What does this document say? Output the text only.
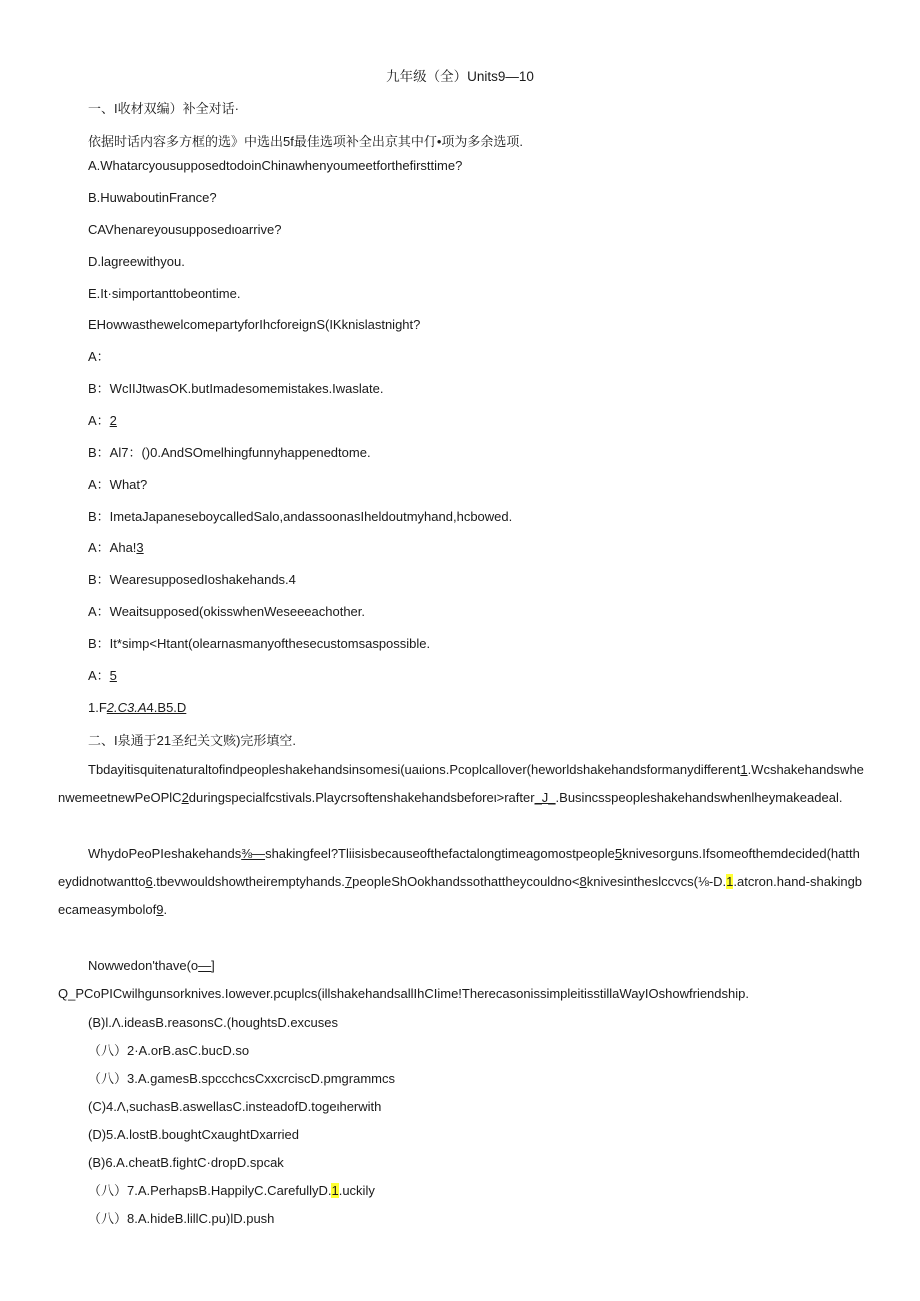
九年级（全）Units9—10
一、I收材双编）补全对话·
依据时话内容多方框的选》中选出5f最佳选项补全出京其中仃•项为多余选项.
A.WhatarcyousupposedtodoinChinawhenyoumeetforthefirsttime?
B.HuwaboutinFrance?
CAVhenareyousupposedιoarrive?
D.lagreewithyou.
E.It·simportanttobeontime.
EHowwasthewelcomepartyforIhcforeignS(IKknislastnight?
A：
B：WcIIJtwasOK.butImadesomemistakes.Iwaslate.
A：2
B：Al7：()0.AndSOmelhingfunnyhappenedtome.
A：What?
B：ImetaJapaneseboycalledSalo,andassoonasIheldoutmyhand,hcbowed.
A：Aha!3
B：WearesupposedIoshakehands.4
A：Weaitsupposed(okisswhenWeseeeachother.
B：It*simp<Htant(olearnasmanyofthesecustomsaspossible.
A：5
1.F2.C3.A4.B5.D
二、I泉通于21圣纪关文赅)完形填空.
Tbdayitisquitenaturaltofindpeopleshakehandsinsomesi(uaιions.Pcoplcallover(heworldshakehandsformanydifferent1.WcshakehandswhenwemeetnewPeOPlC2duringspecialfcstivals.Playcrsoftenshakehandsbeforeι>rafter_J_.Busincsspeopleshakehandswhenlheymakeadeal.
WhydoPeoPIeshakehands⅜—shakingfeel?Tliisisbecauseofthefactalongtimeagomostpeople5knivesorguns.Ifsomeofthemdecided(hattheydidnotwantto6.tbevwouldshowtheiremptyhands.7peopleShOokhandssothattheycouldno<8knivesintheslccvcs(⅛-D.1.atcron.hand-shakingbecameasymbolof9.
Nowwedon'thave(o—]
Q_PCoPICwilhgunsorknives.Iowever.pcuplcs(illshakehandsallIhCIime!TherecasonissimpleitisstillaWayIOshowfriendship.
(B)l.Λ.ideasB.reasonsC.(houghtsD.excuses
（八）2·A.orB.asC.bucD.so
（八）3.A.gamesB.spccchcsCxxcrciscD.pmgrammcs
(C)4.Λ,suchasB.aswellasC.insteadofD.togeιherwith
(D)5.A.lostB.boughtCxaughtDxarried
(B)6.A.cheatB.fightC·dropD.spcak
（八）7.A.PerhapsB.HappilyC.CarefullyD.1.uckily
（八）8.A.hideB.lillC.pu)lD.push
